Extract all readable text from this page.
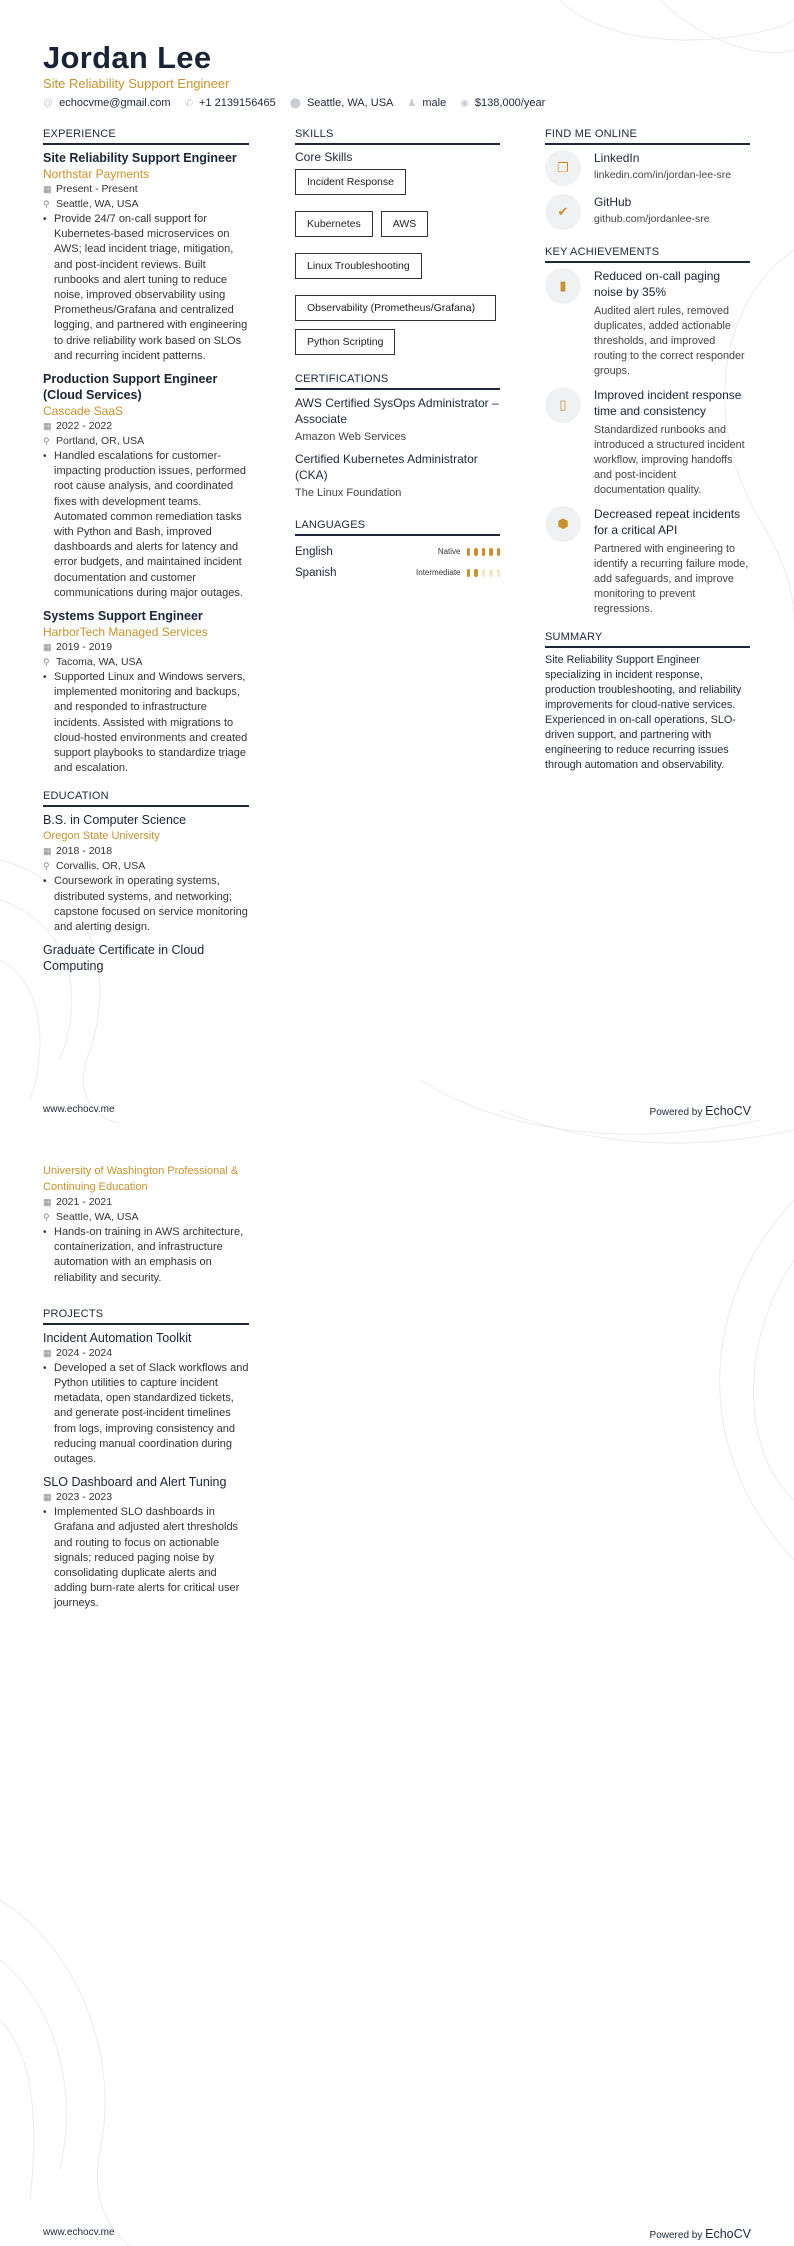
Jordan Lee
Site Reliability Support Engineer
@ echocvme@gmail.com ✆ +1 2139156465 ⬤ Seattle, WA, USA ♟ male ◉ $138,000/year
EXPERIENCE
Site Reliability Support Engineer
Northstar Payments
▦ Present - Present
⚲ Seattle, WA, USA
• Provide 24/7 on-call support for Kubernetes-based microservices on AWS; lead incident triage, mitigation, and post-incident reviews. Built runbooks and alert tuning to reduce noise, improved observability using Prometheus/Grafana and centralized logging, and partnered with engineering to drive reliability work based on SLOs and recurring incident patterns.
Production Support Engineer (Cloud Services)
Cascade SaaS
▦ 2022 - 2022
⚲ Portland, OR, USA
• Handled escalations for customer-impacting production issues, performed root cause analysis, and coordinated fixes with development teams. Automated common remediation tasks with Python and Bash, improved dashboards and alerts for latency and error budgets, and maintained incident documentation and customer communications during major outages.
Systems Support Engineer
HarborTech Managed Services
▦ 2019 - 2019
⚲ Tacoma, WA, USA
• Supported Linux and Windows servers, implemented monitoring and backups, and responded to infrastructure incidents. Assisted with migrations to cloud-hosted environments and created support playbooks to standardize triage and escalation.
EDUCATION
B.S. in Computer Science
Oregon State University
▦ 2018 - 2018
⚲ Corvallis, OR, USA
• Coursework in operating systems, distributed systems, and networking; capstone focused on service monitoring and alerting design.
Graduate Certificate in Cloud Computing
SKILLS
Core Skills
Incident Response
Kubernetes	AWS
Linux Troubleshooting
Observability (Prometheus/Grafana)
Python Scripting
CERTIFICATIONS
AWS Certified SysOps Administrator – Associate
Amazon Web Services
Certified Kubernetes Administrator (CKA)
The Linux Foundation
LANGUAGES
English	Native
Spanish	Intermediate
FIND ME ONLINE
❐
LinkedIn
linkedin.com/in/jordan-lee-sre
✔
GitHub
github.com/jordanlee-sre
KEY ACHIEVEMENTS
▮
Reduced on-call paging noise by 35%
Audited alert rules, removed duplicates, added actionable thresholds, and improved routing to the correct responder groups.
▯
Improved incident response time and consistency
Standardized runbooks and introduced a structured incident workflow, improving handoffs and post-incident documentation quality.
⬢
Decreased repeat incidents for a critical API
Partnered with engineering to identify a recurring failure mode, add safeguards, and improve monitoring to prevent regressions.
SUMMARY
Site Reliability Support Engineer specializing in incident response, production troubleshooting, and reliability improvements for cloud-native services. Experienced in on-call operations, SLO-driven support, and partnering with engineering to reduce recurring issues through automation and observability.
www.echocv.me	Powered by EchoCV
University of Washington Professional & Continuing Education
▦ 2021 - 2021
⚲ Seattle, WA, USA
• Hands-on training in AWS architecture, containerization, and infrastructure automation with an emphasis on reliability and security.
PROJECTS
Incident Automation Toolkit
▦ 2024 - 2024
• Developed a set of Slack workflows and Python utilities to capture incident metadata, open standardized tickets, and generate post-incident timelines from logs, improving consistency and reducing manual coordination during outages.
SLO Dashboard and Alert Tuning
▦ 2023 - 2023
• Implemented SLO dashboards in Grafana and adjusted alert thresholds and routing to focus on actionable signals; reduced paging noise by consolidating duplicate alerts and adding burn-rate alerts for critical user journeys.
www.echocv.me	Powered by EchoCV
